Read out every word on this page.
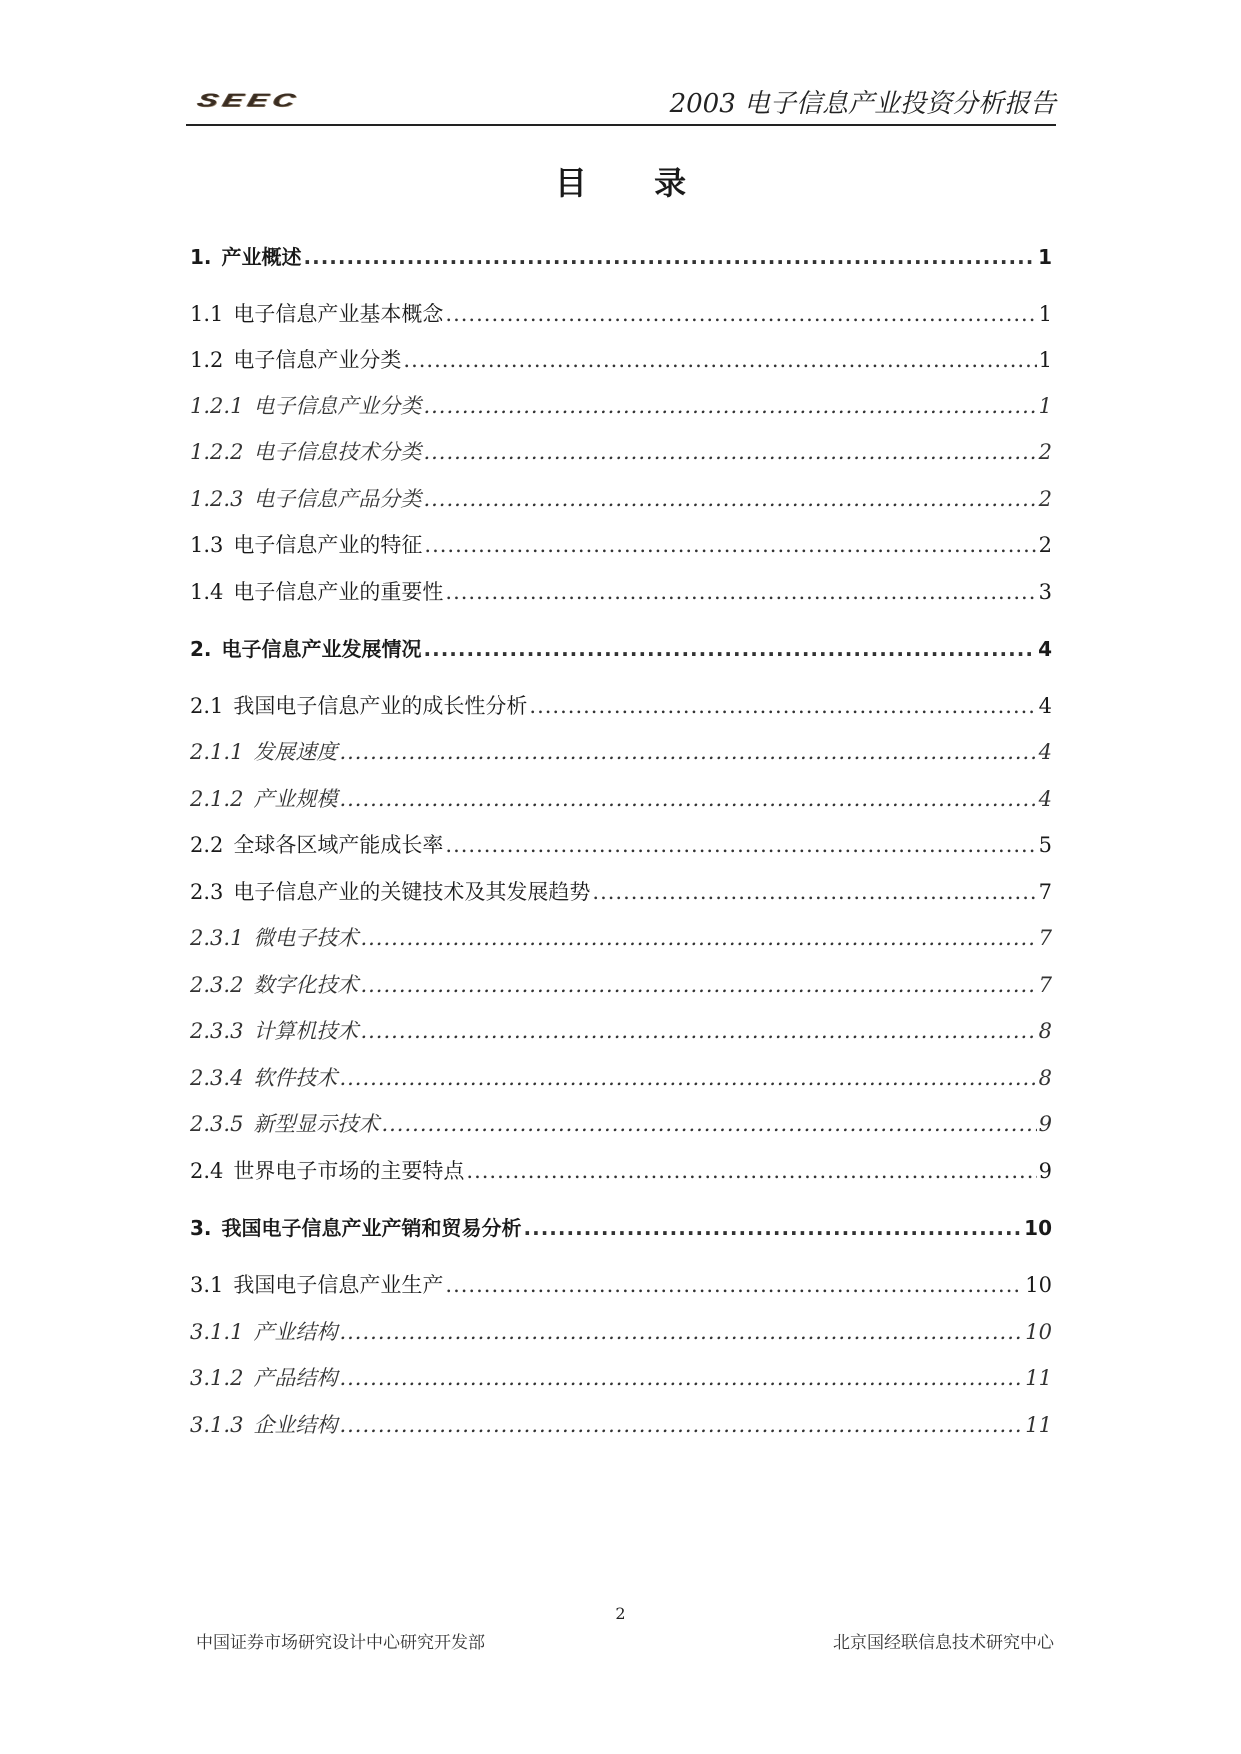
SEEC	2003 电子信息产业投资分析报告
目 录
1. 产业概述 .....	1
1.1 电子信息产业基本概念 .....	1
1.2 电子信息产业分类 .....	1
1.2.1 电子信息产业分类 .....	1
1.2.2 电子信息技术分类 .....	2
1.2.3 电子信息产品分类 .....	2
1.3 电子信息产业的特征 .....	2
1.4 电子信息产业的重要性 .....	3
2. 电子信息产业发展情况 .....	4
2.1 我国电子信息产业的成长性分析 .....	4
2.1.1 发展速度 .....	4
2.1.2 产业规模 .....	4
2.2 全球各区域产能成长率 .....	5
2.3 电子信息产业的关键技术及其发展趋势 .....	7
2.3.1 微电子技术 .....	7
2.3.2 数字化技术 .....	7
2.3.3 计算机技术 .....	8
2.3.4 软件技术 .....	8
2.3.5 新型显示技术 .....	9
2.4 世界电子市场的主要特点 .....	9
3. 我国电子信息产业产销和贸易分析 .....	10
3.1 我国电子信息产业生产 .....	10
3.1.1 产业结构 .....	10
3.1.2 产品结构 .....	11
3.1.3 企业结构 .....	11
2
中国证券市场研究设计中心研究开发部	北京国经联信息技术研究中心
